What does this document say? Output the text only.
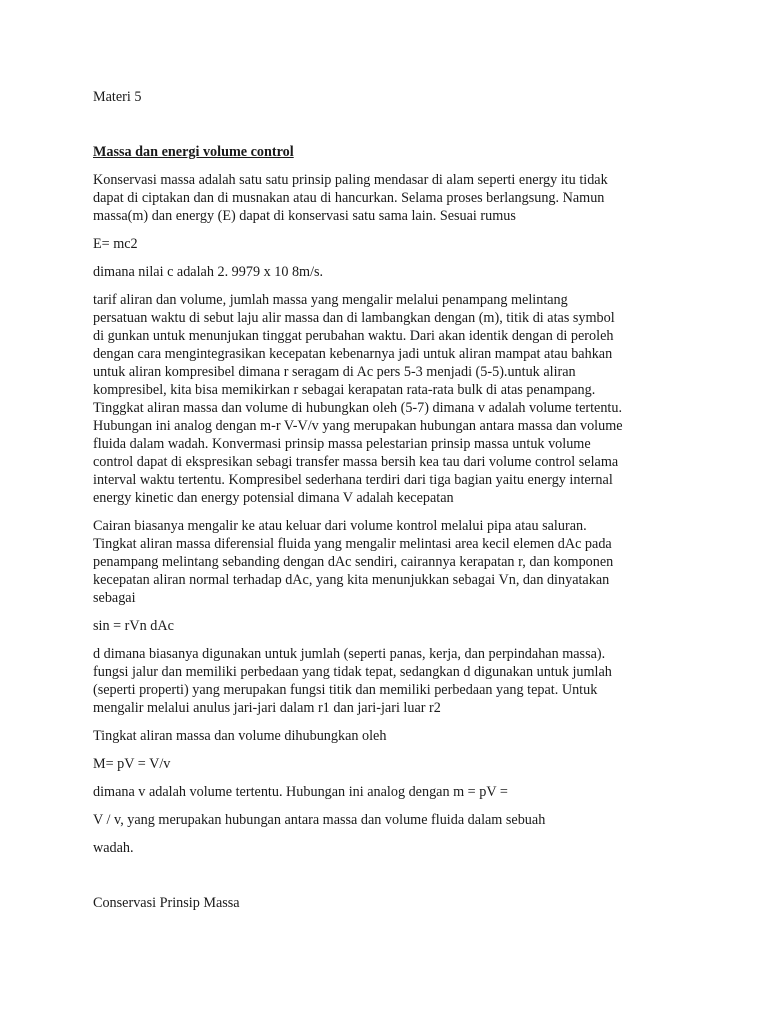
Materi 5

Massa dan energi volume control

Konservasi massa adalah satu satu prinsip paling mendasar di alam seperti energy itu tidak

dapat di ciptakan dan di musnakan atau di hancurkan. Selama proses berlangsung. Namun

massa(m) dan energy (E) dapat di konservasi satu sama lain. Sesuai rumus

E= mc2

dimana nilai c adalah 2. 9979 x 10 8m/s.

tarif aliran dan volume, jumlah massa yang mengalir melalui penampang melintang

persatuan waktu di sebut laju alir massa dan di lambangkan dengan (m), titik di atas symbol

di gunkan untuk menunjukan tinggat perubahan waktu. Dari akan identik dengan di peroleh

dengan cara mengintegrasikan kecepatan kebenarnya jadi untuk aliran mampat atau bahkan

untuk aliran kompresibel dimana r seragam di Ac pers 5-3 menjadi (5-5).untuk aliran

kompresibel, kita bisa memikirkan r sebagai kerapatan rata-rata bulk di atas penampang.

Tinggkat aliran massa dan volume di hubungkan oleh (5-7) dimana v adalah volume tertentu.

Hubungan ini analog dengan m-r V-V/v yang merupakan hubungan antara massa dan volume

fluida dalam wadah. Konvermasi prinsip massa pelestarian prinsip massa untuk volume

control dapat di ekspresikan sebagi transfer massa bersih kea tau dari volume control selama

interval waktu tertentu. Kompresibel sederhana terdiri dari tiga bagian yaitu energy internal

energy kinetic dan energy potensial dimana V adalah kecepatan

Cairan biasanya mengalir ke atau keluar dari volume kontrol melalui pipa atau saluran.

Tingkat aliran massa diferensial fluida yang mengalir melintasi area kecil elemen dAc pada

penampang melintang sebanding dengan dAc sendiri, cairannya kerapatan r, dan komponen

kecepatan aliran normal terhadap dAc, yang kita menunjukkan sebagai Vn, dan dinyatakan

sebagai

sin = rVn dAc

d dimana biasanya digunakan untuk jumlah (seperti panas, kerja, dan perpindahan massa).

fungsi jalur dan memiliki perbedaan yang tidak tepat, sedangkan d digunakan untuk jumlah

(seperti properti) yang merupakan fungsi titik dan memiliki perbedaan yang tepat. Untuk

mengalir melalui anulus jari-jari dalam r1 dan jari-jari luar r2

Tingkat aliran massa dan volume dihubungkan oleh

M= pV = V/v

dimana v adalah volume tertentu. Hubungan ini analog dengan m = pV =

V / v, yang merupakan hubungan antara massa dan volume fluida dalam sebuah

wadah.

Conservasi Prinsip Massa
